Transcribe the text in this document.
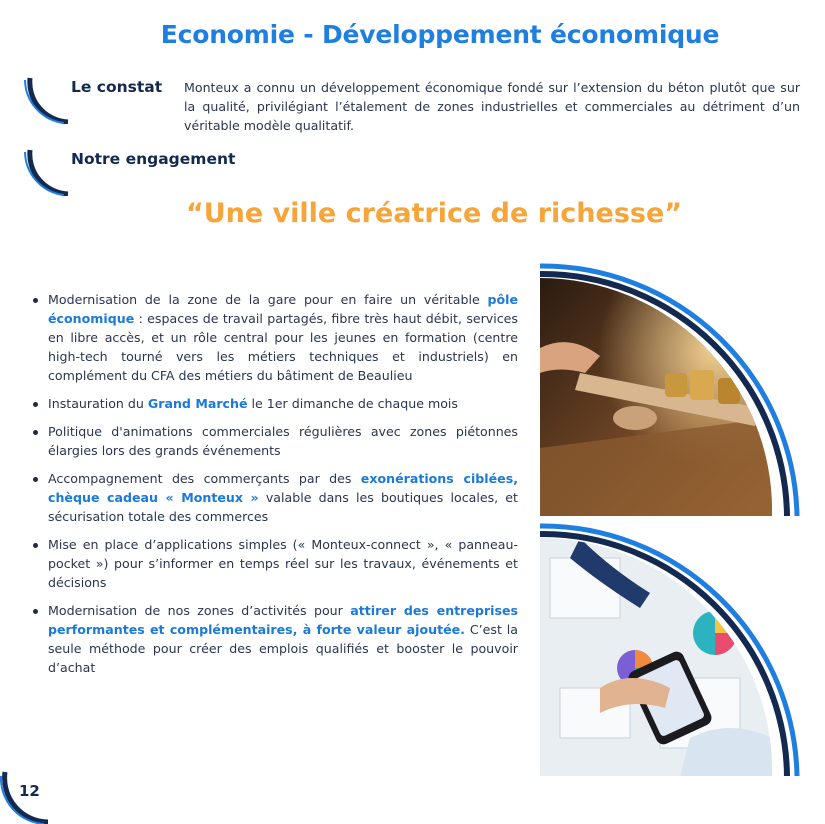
Economie - Développement économique
Le constat Monteux a connu un développement économique fondé sur l’extension du béton plutôt que sur la qualité, privilégiant l’étalement de zones industrielles et commerciales au détriment d’un véritable modèle qualitatif.
Notre engagement
“Une ville créatrice de richesse”
Modernisation de la zone de la gare pour en faire un véritable pôle économique : espaces de travail partagés, fibre très haut débit, services en libre accès, et un rôle central pour les jeunes en formation (centre high-tech tourné vers les métiers techniques et industriels) en complément du CFA des métiers du bâtiment de Beaulieu
Instauration du Grand Marché le 1er dimanche de chaque mois
Politique d'animations commerciales régulières avec zones piétonnes élargies lors des grands événements
Accompagnement des commerçants par des exonérations ciblées, chèque cadeau « Monteux » valable dans les boutiques locales, et sécurisation totale des commerces
Mise en place d’applications simples (« Monteux-connect », « panneau-pocket ») pour s’informer en temps réel sur les travaux, événements et décisions
Modernisation de nos zones d’activités pour attirer des entreprises performantes et complémentaires, à forte valeur ajoutée. C’est la seule méthode pour créer des emplois qualifiés et booster le pouvoir d’achat
12
